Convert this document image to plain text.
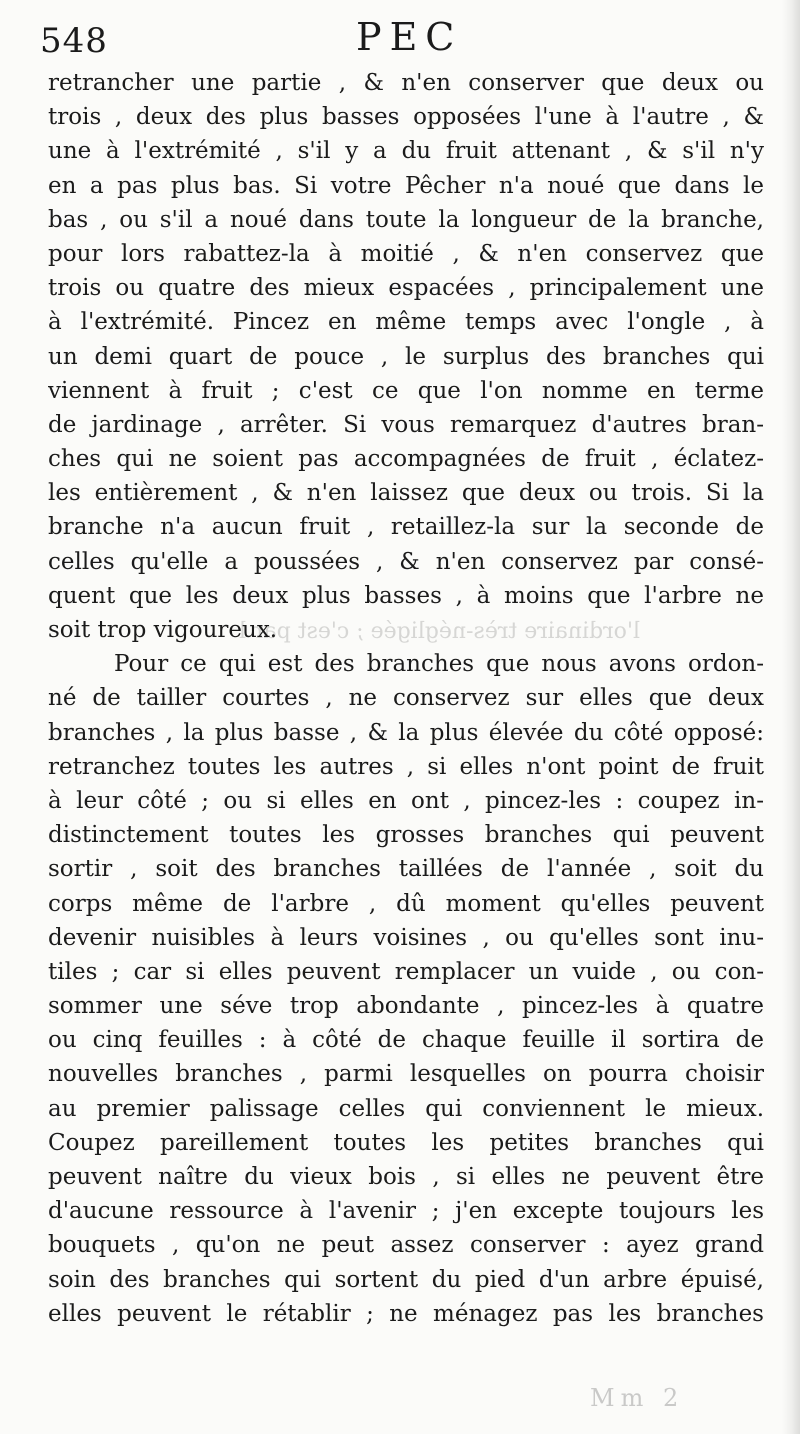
548	PEC
l'ordinaire très-négligée ; c'est par l
retrancher une partie , & n'en conserver que deux ou
trois , deux des plus basses opposées l'une à l'autre , &
une à l'extrémité , s'il y a du fruit attenant , & s'il n'y
en a pas plus bas. Si votre Pêcher n'a noué que dans le
bas , ou s'il a noué dans toute la longueur de la branche,
pour lors rabattez-la à moitié , & n'en conservez que
trois ou quatre des mieux espacées , principalement une
à l'extrémité. Pincez en même temps avec l'ongle , à
un demi quart de pouce , le surplus des branches qui
viennent à fruit ; c'est ce que l'on nomme en terme
de jardinage , arrêter. Si vous remarquez d'autres bran-
ches qui ne soient pas accompagnées de fruit , éclatez-
les entièrement , & n'en laissez que deux ou trois. Si la
branche n'a aucun fruit , retaillez-la sur la seconde de
celles qu'elle a poussées , & n'en conservez par consé-
quent que les deux plus basses , à moins que l'arbre ne
soit trop vigoureux.
Pour ce qui est des branches que nous avons ordon-
né de tailler courtes , ne conservez sur elles que deux
branches , la plus basse , & la plus élevée du côté opposé:
retranchez toutes les autres , si elles n'ont point de fruit
à leur côté ; ou si elles en ont , pincez-les : coupez in-
distinctement toutes les grosses branches qui peuvent
sortir , soit des branches taillées de l'année , soit du
corps même de l'arbre , dû moment qu'elles peuvent
devenir nuisibles à leurs voisines , ou qu'elles sont inu-
tiles ; car si elles peuvent remplacer un vuide , ou con-
sommer une séve trop abondante , pincez-les à quatre
ou cinq feuilles : à côté de chaque feuille il sortira de
nouvelles branches , parmi lesquelles on pourra choisir
au premier palissage celles qui conviennent le mieux.
Coupez pareillement toutes les petites branches qui
peuvent naître du vieux bois , si elles ne peuvent être
d'aucune ressource à l'avenir ; j'en excepte toujours les
bouquets , qu'on ne peut assez conserver : ayez grand
soin des branches qui sortent du pied d'un arbre épuisé,
elles peuvent le rétablir ; ne ménagez pas les branches
Mm 2
